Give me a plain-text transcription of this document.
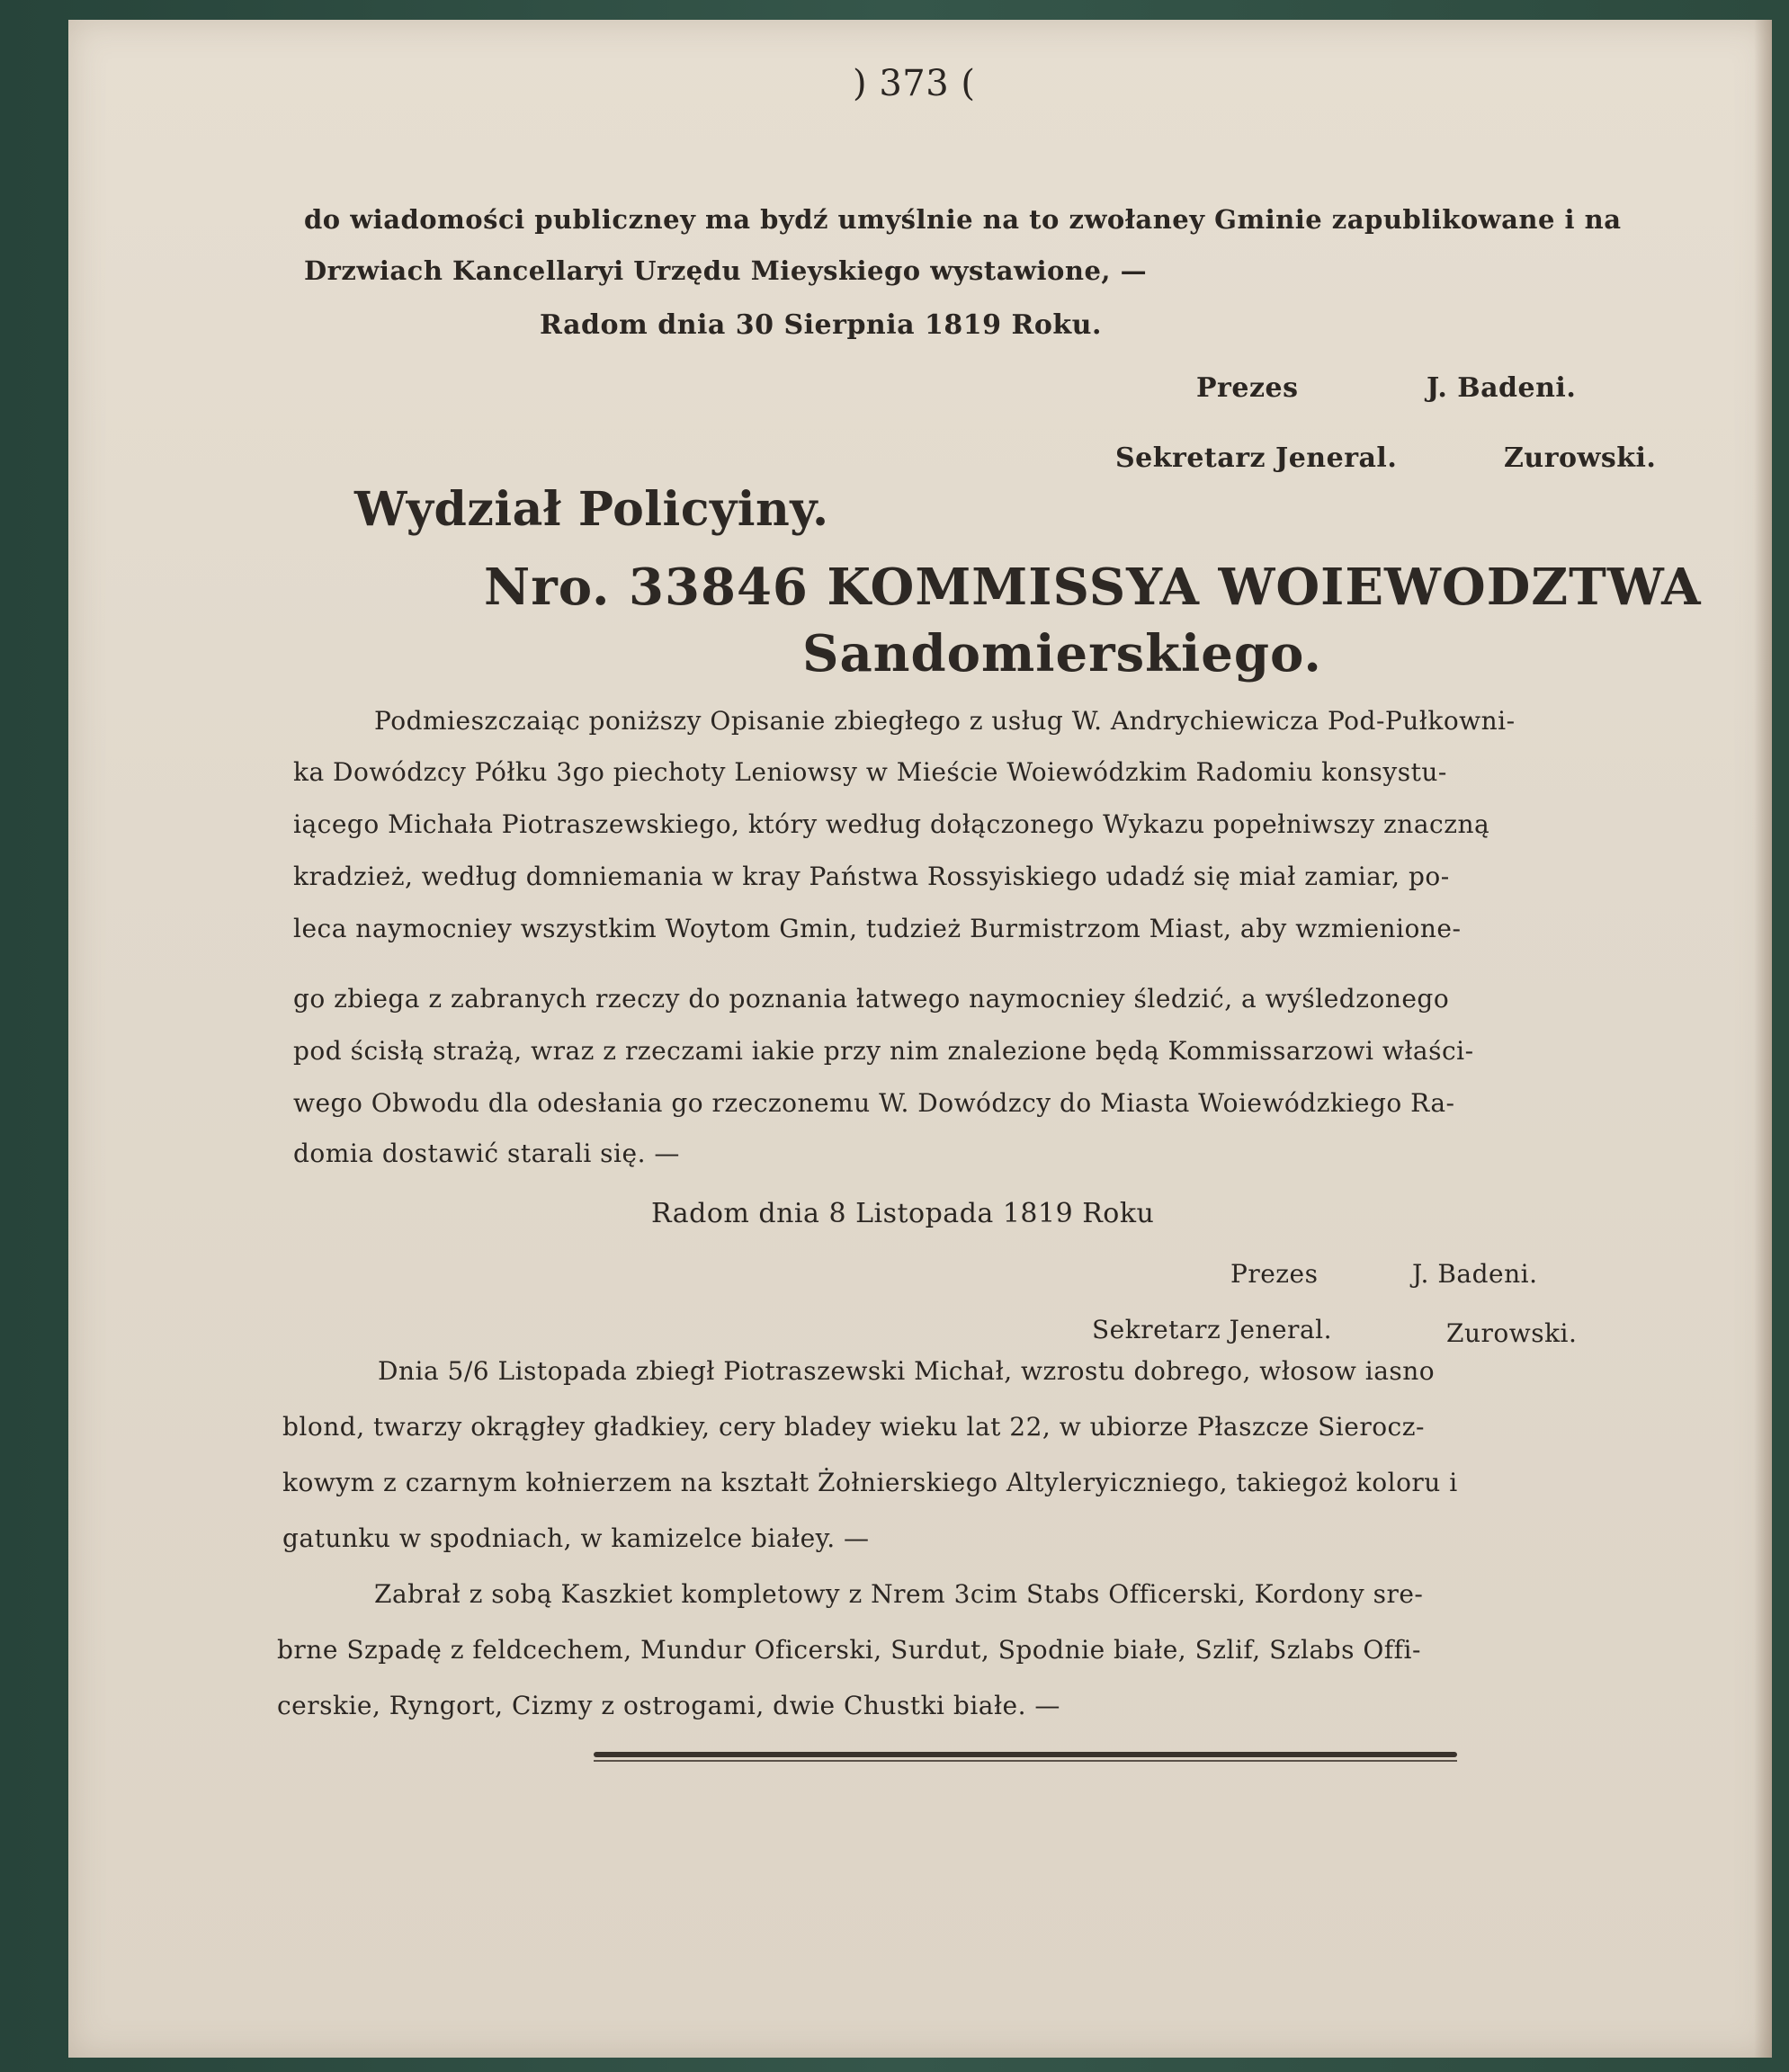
) 373 (
do wiadomości publiczney ma bydź umyślnie na to zwołaney Gminie zapublikowane i na
Drzwiach Kancellaryi Urzędu Mieyskiego wystawione, —
Radom dnia 30 Sierpnia 1819 Roku.
Prezes	J. Badeni.
Sekretarz Jeneral.	Zurowski.
Wydział Policyiny.
Nro. 33846 KOMMISSYA WOIEWODZTWA
Sandomierskiego.
Podmieszczaiąc poniższy Opisanie zbiegłego z usług W. Andrychiewicza Pod-Pułkowni-
ka Dowódzcy Półku 3go piechoty Leniowsy w Mieście Woiewódzkim Radomiu konsystu-
iącego Michała Piotraszewskiego, który według dołączonego Wykazu popełniwszy znaczną
kradzież, według domniemania w kray Państwa Rossyiskiego udadź się miał zamiar, po-
leca naymocniey wszystkim Woytom Gmin, tudzież Burmistrzom Miast, aby wzmienione-
go zbiega z zabranych rzeczy do poznania łatwego naymocniey śledzić, a wyśledzonego
pod ścisłą strażą, wraz z rzeczami iakie przy nim znalezione będą Kommissarzowi właści-
wego Obwodu dla odesłania go rzeczonemu W. Dowódzcy do Miasta Woiewódzkiego Ra-
domia dostawić starali się. —
Radom dnia 8 Listopada 1819 Roku
Prezes	J. Badeni.
Sekretarz Jeneral.	Zurowski.
Dnia 5/6 Listopada zbiegł Piotraszewski Michał, wzrostu dobrego, włosow iasno
blond, twarzy okrągłey gładkiey, cery bladey wieku lat 22, w ubiorze Płaszcze Sierocz-
kowym z czarnym kołnierzem na kształt Żołnierskiego Altyleryiczniego, takiegoż koloru i
gatunku w spodniach, w kamizelce białey. —
Zabrał z sobą Kaszkiet kompletowy z Nrem 3cim Stabs Officerski, Kordony sre-
brne Szpadę z feldcechem, Mundur Oficerski, Surdut, Spodnie białe, Szlif, Szlabs Offi-
cerskie, Ryngort, Cizmy z ostrogami, dwie Chustki białe. —
